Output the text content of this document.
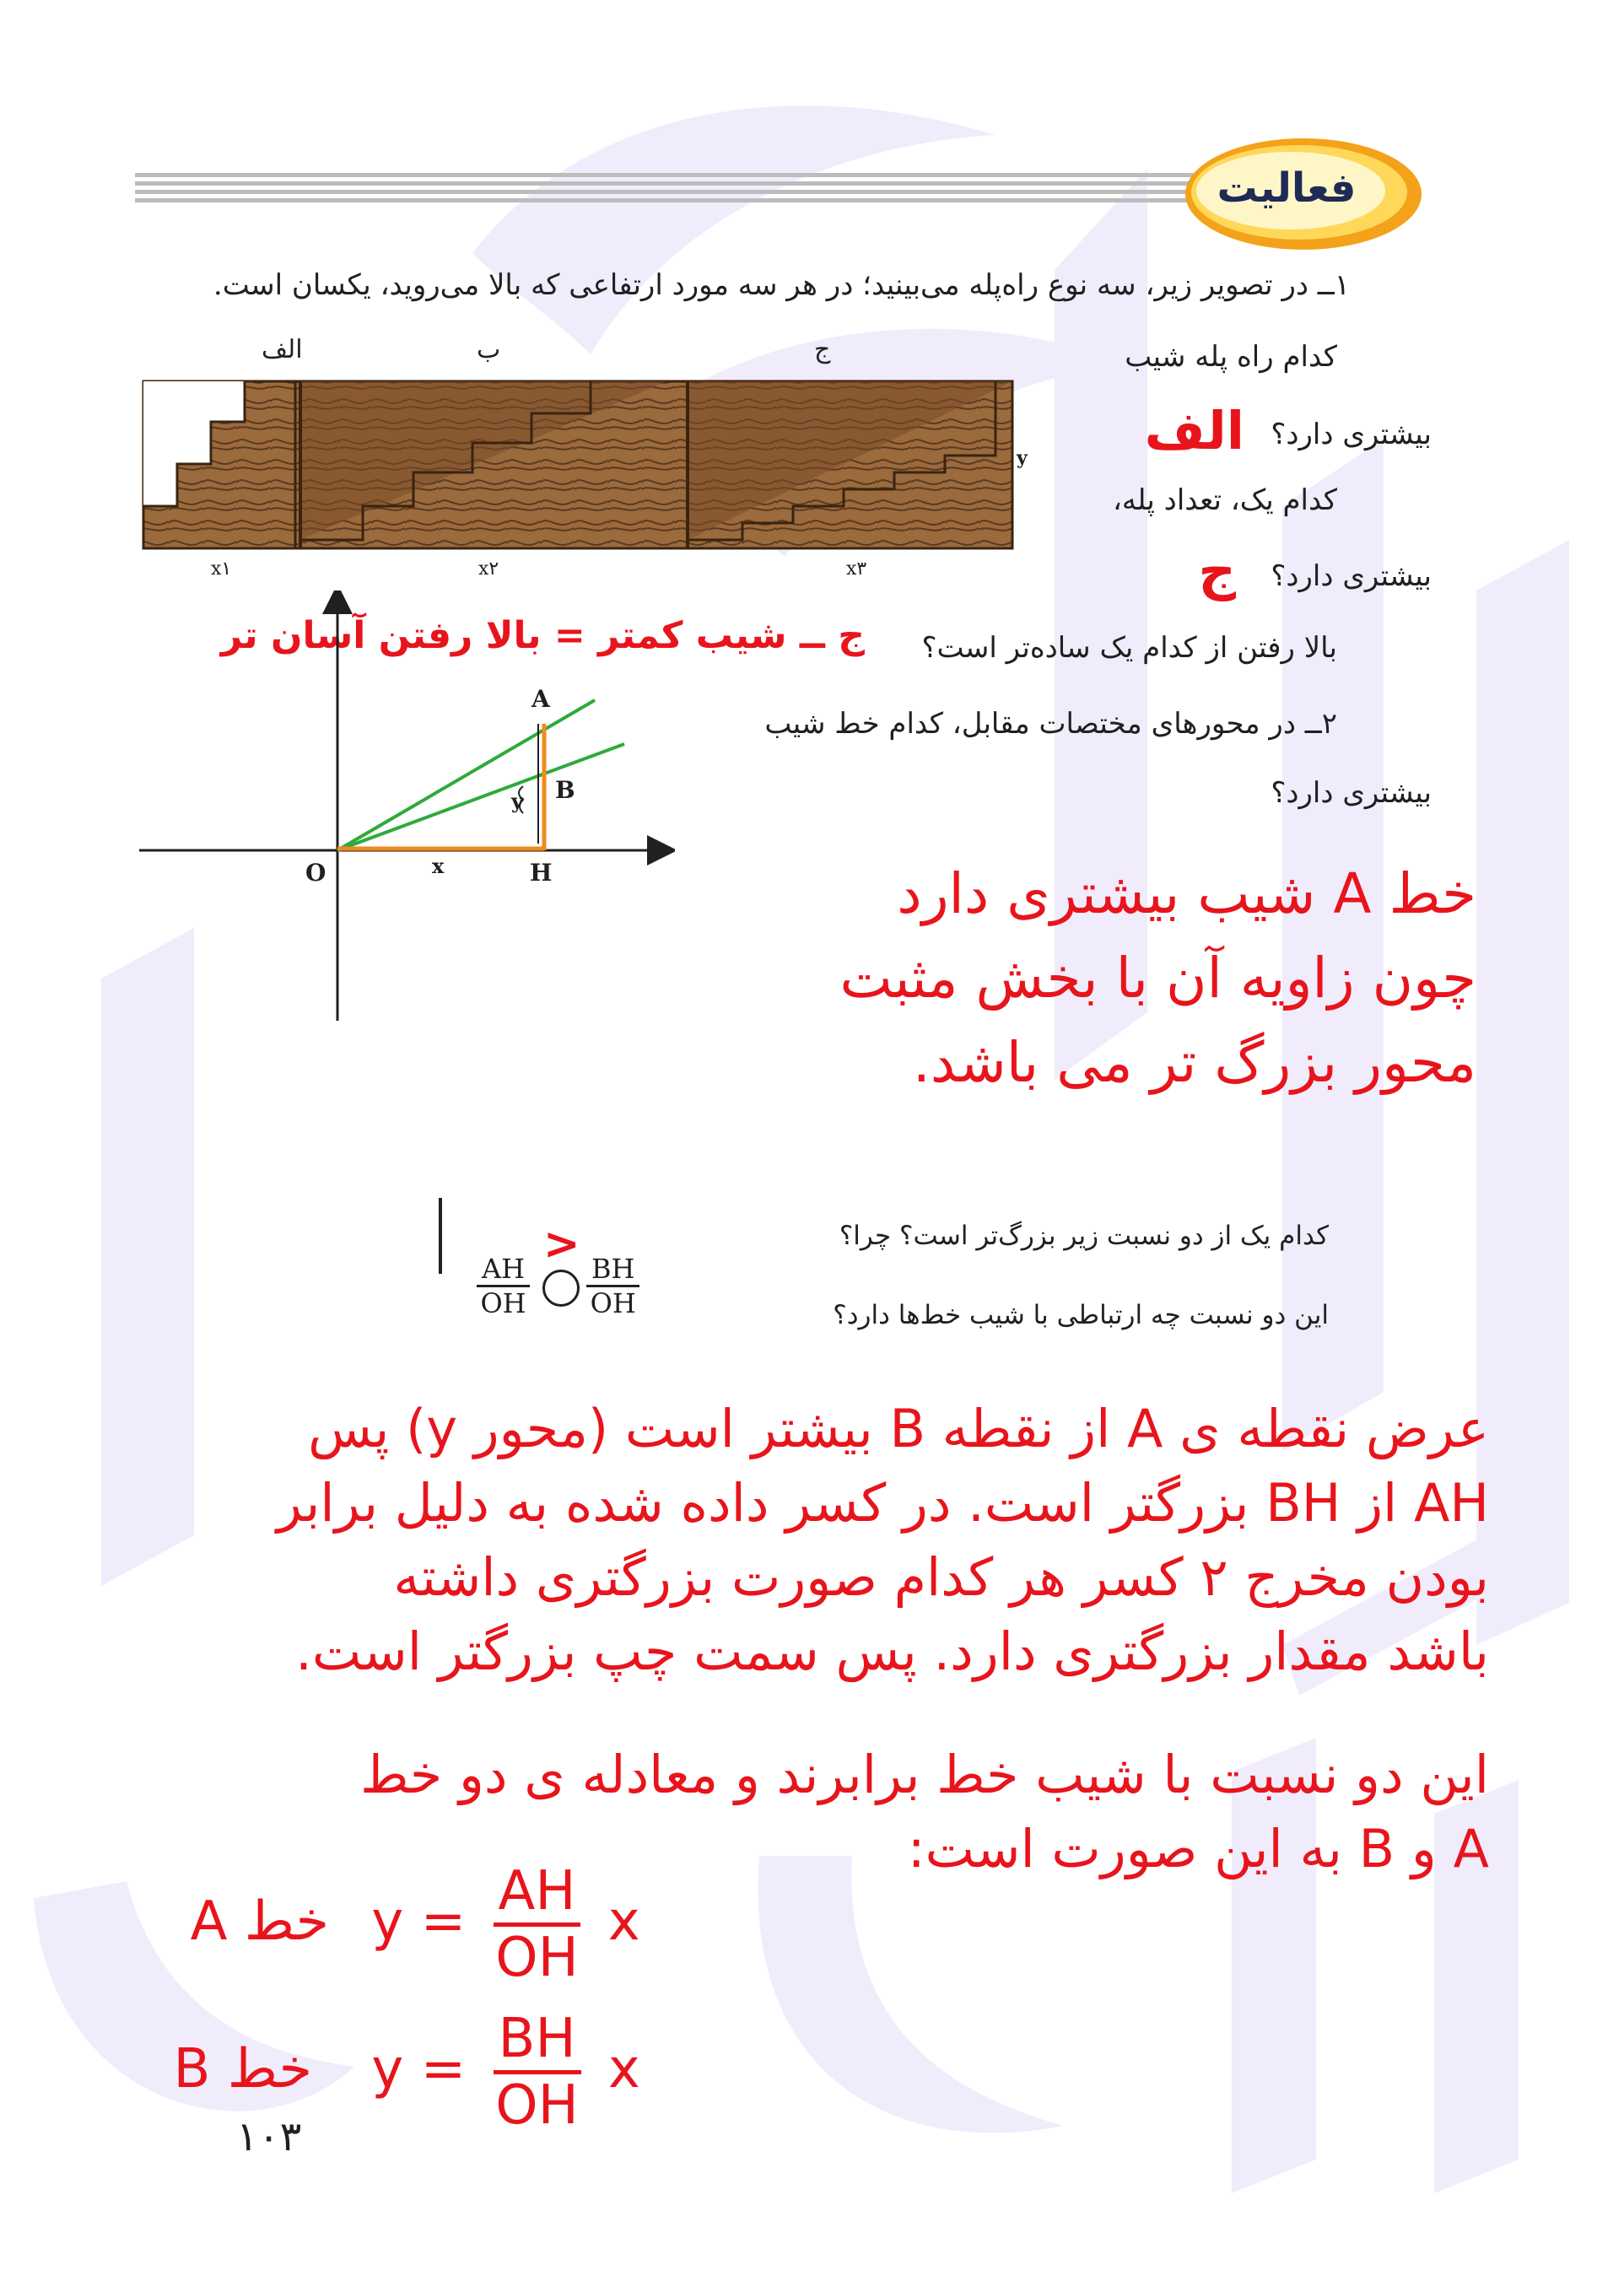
فعالیت
۱ــ در تصویر زیر، سه نوع راه‌پله می‌بینید؛ در هر سه مورد ارتفاعی که بالا می‌روید، یکسان است.
کدام راه پله شیب
بیشتری دارد؟
الف
کدام یک، تعداد پله،
بیشتری دارد؟
ج
بالا رفتن از کدام یک ساده‌تر است؟
ج ــ شیب کمتر = بالا رفتن آسان تر
الف	ب	ج
x۱	x۲	x۳
y
A
B
y
O	x	H
۲ــ در محورهای مختصات مقابل، کدام خط شیب
بیشتری دارد؟
خط A شیب بیشتری دارد
چون زاویه آن با بخش مثبت
محور بزرگ تر می باشد.
کدام یک از دو نسبت زیر بزرگ‌تر است؟ چرا؟
این دو نسبت چه ارتباطی با شیب خط‌ها دارد؟
$\frac{AH}{OH}$
>
$\frac{BH}{OH}$
عرض نقطه ی A از نقطه B بیشتر است (محور y) پس
AH از BH بزرگتر است. در کسر داده شده به دلیل برابر
بودن مخرج ۲ کسر هر کدام صورت بزرگتری داشته
باشد مقدار بزرگتری دارد. پس سمت چپ بزرگتر است.
این دو نسبت با شیب خط برابرند و معادله ی دو خط
A و B به این صورت است:
خط A $y = \frac{AH}{OH}$ x
خط B $y = \frac{BH}{OH}$ x
۱۰۳
